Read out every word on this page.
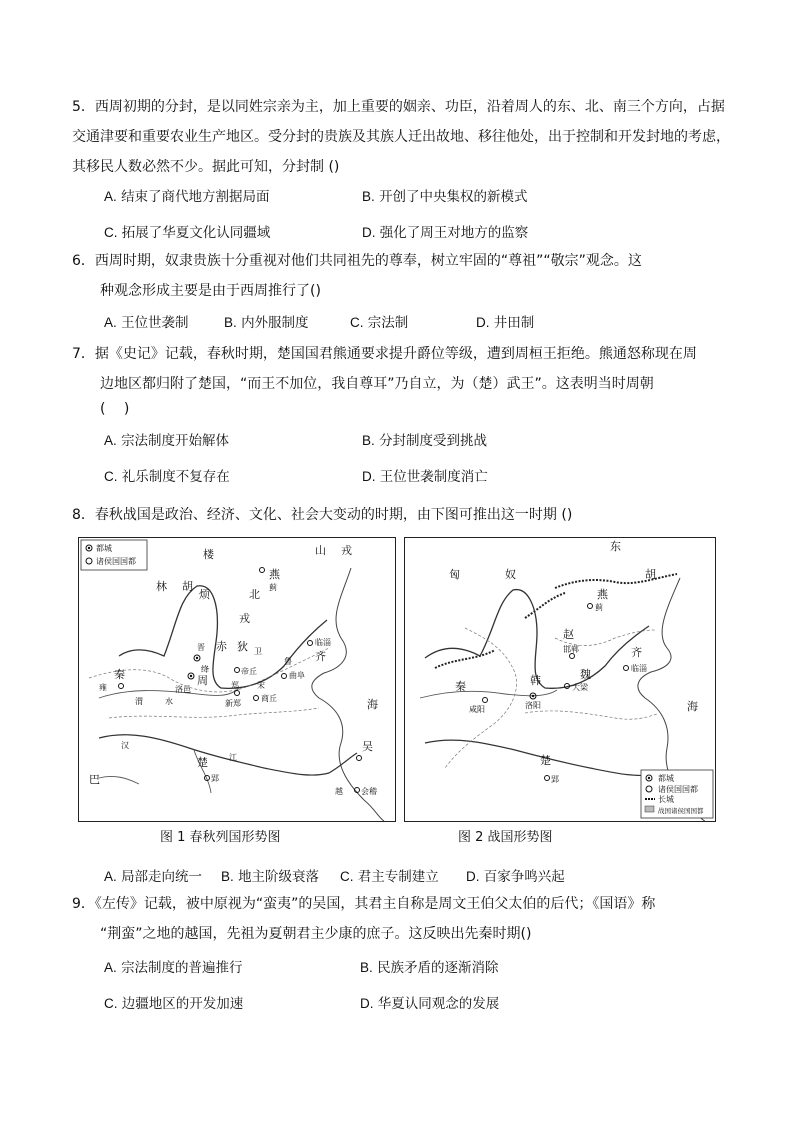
5．西周初期的分封，是以同姓宗亲为主，加上重要的姻亲、功臣，沿着周人的东、北、南三个方向，占据

交通津要和重要农业生产地区。受分封的贵族及其族人迁出故地、移往他处，出于控制和开发封地的考虑，

其移民人数必然不少。据此可知，分封制 ()

A. 结束了商代地方割据局面	B. 开创了中央集权的新模式
C. 拓展了华夏文化认同疆域	D. 强化了周王对地方的监察

6．西周时期，奴隶贵族十分重视对他们共同祖先的尊奉，树立牢固的“尊祖”“敬宗”观念。这

种观念形成主要是由于西周推行了()

A. 王位世袭制	B. 内外服制度	C. 宗法制	D. 井田制

7．据《史记》记载，春秋时期，楚国国君熊通要求提升爵位等级，遭到周桓王拒绝。熊通怒称现在周

边地区都归附了楚国，“而王不加位，我自尊耳”乃自立，为（楚）武王”。这表明当时周朝

(　 )

A. 宗法制度开始解体	B. 分封制度受到挑战
C. 礼乐制度不复存在	D. 王位世袭制度消亡

8．春秋战国是政治、经济、文化、社会大变动的时期，由下图可推出这一时期 ()

都城
诸侯国国都
楼
林 胡
烦
山 戎
燕
蓟
北
戎
赤 狄
晋
绛
卫
帝丘
临淄
鲁
曲阜
齐
周
洛邑	郑
新郑
宋
商丘
秦
雍
渭	水
汉
江
楚
郢
巴
越 会稽
吴
海
图 1 春秋列国形势图
匈	奴
东
胡
燕
蓟
邯郸
赵
临淄
齐
魏
大梁
韩
洛阳
咸阳
秦
楚
郢
海
都城
诸侯国国都
长城
战国诸侯国国都
图 2 战国形势图
A. 局部走向统一 B. 地主阶级衰落 C. 君主专制建立 D. 百家争鸣兴起

9．《左传》记载，被中原视为“蛮夷”的吴国，其君主自称是周文王伯父太伯的后代；《国语》称

“荆蛮”之地的越国，先祖为夏朝君主少康的庶子。这反映出先秦时期()

A. 宗法制度的普遍推行	B. 民族矛盾的逐渐消除
C. 边疆地区的开发加速	D. 华夏认同观念的发展
